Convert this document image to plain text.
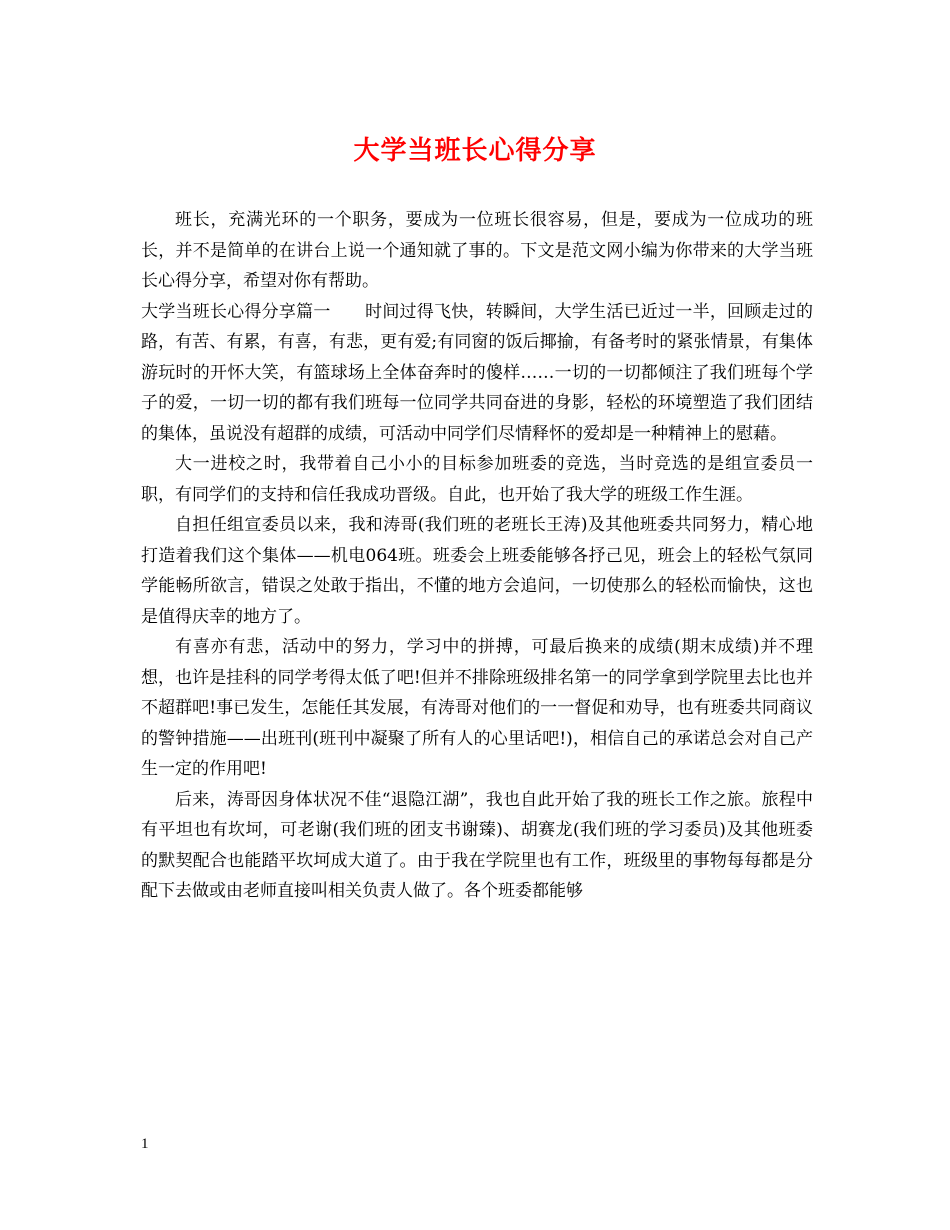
大学当班长心得分享

班长，充满光环的一个职务，要成为一位班长很容易，但是，要成为一位成功的班长，并不是简单的在讲台上说一个通知就了事的。下文是范文网小编为你带来的大学当班长心得分享，希望对你有帮助。

大学当班长心得分享篇一　　时间过得飞快，转瞬间，大学生活已近过一半，回顾走过的路，有苦、有累，有喜，有悲，更有爱;有同窗的饭后揶揄，有备考时的紧张情景，有集体游玩时的开怀大笑，有篮球场上全体奋奔时的傻样……一切的一切都倾注了我们班每个学子的爱，一切一切的都有我们班每一位同学共同奋进的身影，轻松的环境塑造了我们团结的集体，虽说没有超群的成绩，可活动中同学们尽情释怀的爱却是一种精神上的慰藉。

大一进校之时，我带着自己小小的目标参加班委的竞选，当时竞选的是组宣委员一职，有同学们的支持和信任我成功晋级。自此，也开始了我大学的班级工作生涯。

自担任组宣委员以来，我和涛哥(我们班的老班长王涛)及其他班委共同努力，精心地打造着我们这个集体——机电064班。班委会上班委能够各抒己见，班会上的轻松气氛同学能畅所欲言，错误之处敢于指出，不懂的地方会追问，一切使那么的轻松而愉快，这也是值得庆幸的地方了。

有喜亦有悲，活动中的努力，学习中的拼搏，可最后换来的成绩(期末成绩)并不理想，也许是挂科的同学考得太低了吧!但并不排除班级排名第一的同学拿到学院里去比也并不超群吧!事已发生，怎能任其发展，有涛哥对他们的一一督促和劝导，也有班委共同商议的警钟措施——出班刊(班刊中凝聚了所有人的心里话吧!)，相信自己的承诺总会对自己产生一定的作用吧!

后来，涛哥因身体状况不佳“退隐江湖”，我也自此开始了我的班长工作之旅。旅程中有平坦也有坎坷，可老谢(我们班的团支书谢臻)、胡赛龙(我们班的学习委员)及其他班委的默契配合也能踏平坎坷成大道了。由于我在学院里也有工作，班级里的事物每每都是分配下去做或由老师直接叫相关负责人做了。各个班委都能够

1
